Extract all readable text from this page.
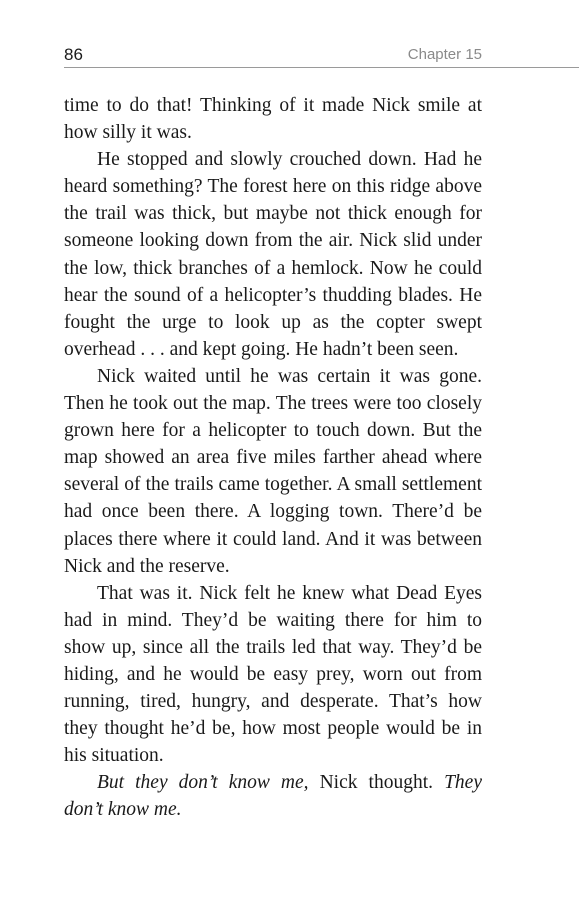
86	Chapter 15

time to do that! Thinking of it made Nick smile at how silly it was.

He stopped and slowly crouched down. Had he heard something? The forest here on this ridge above the trail was thick, but maybe not thick enough for someone looking down from the air. Nick slid under the low, thick branches of a hemlock. Now he could hear the sound of a helicopter’s thudding blades. He fought the urge to look up as the copter swept overhead . . . and kept going. He hadn’t been seen.

Nick waited until he was certain it was gone. Then he took out the map. The trees were too closely grown here for a helicopter to touch down. But the map showed an area five miles farther ahead where several of the trails came together. A small settlement had once been there. A logging town. There’d be places there where it could land. And it was between Nick and the reserve.

That was it. Nick felt he knew what Dead Eyes had in mind. They’d be waiting there for him to show up, since all the trails led that way. They’d be hiding, and he would be easy prey, worn out from running, tired, hungry, and desperate. That’s how they thought he’d be, how most people would be in his situation.

But they don’t know me, Nick thought. They don’t know me.
